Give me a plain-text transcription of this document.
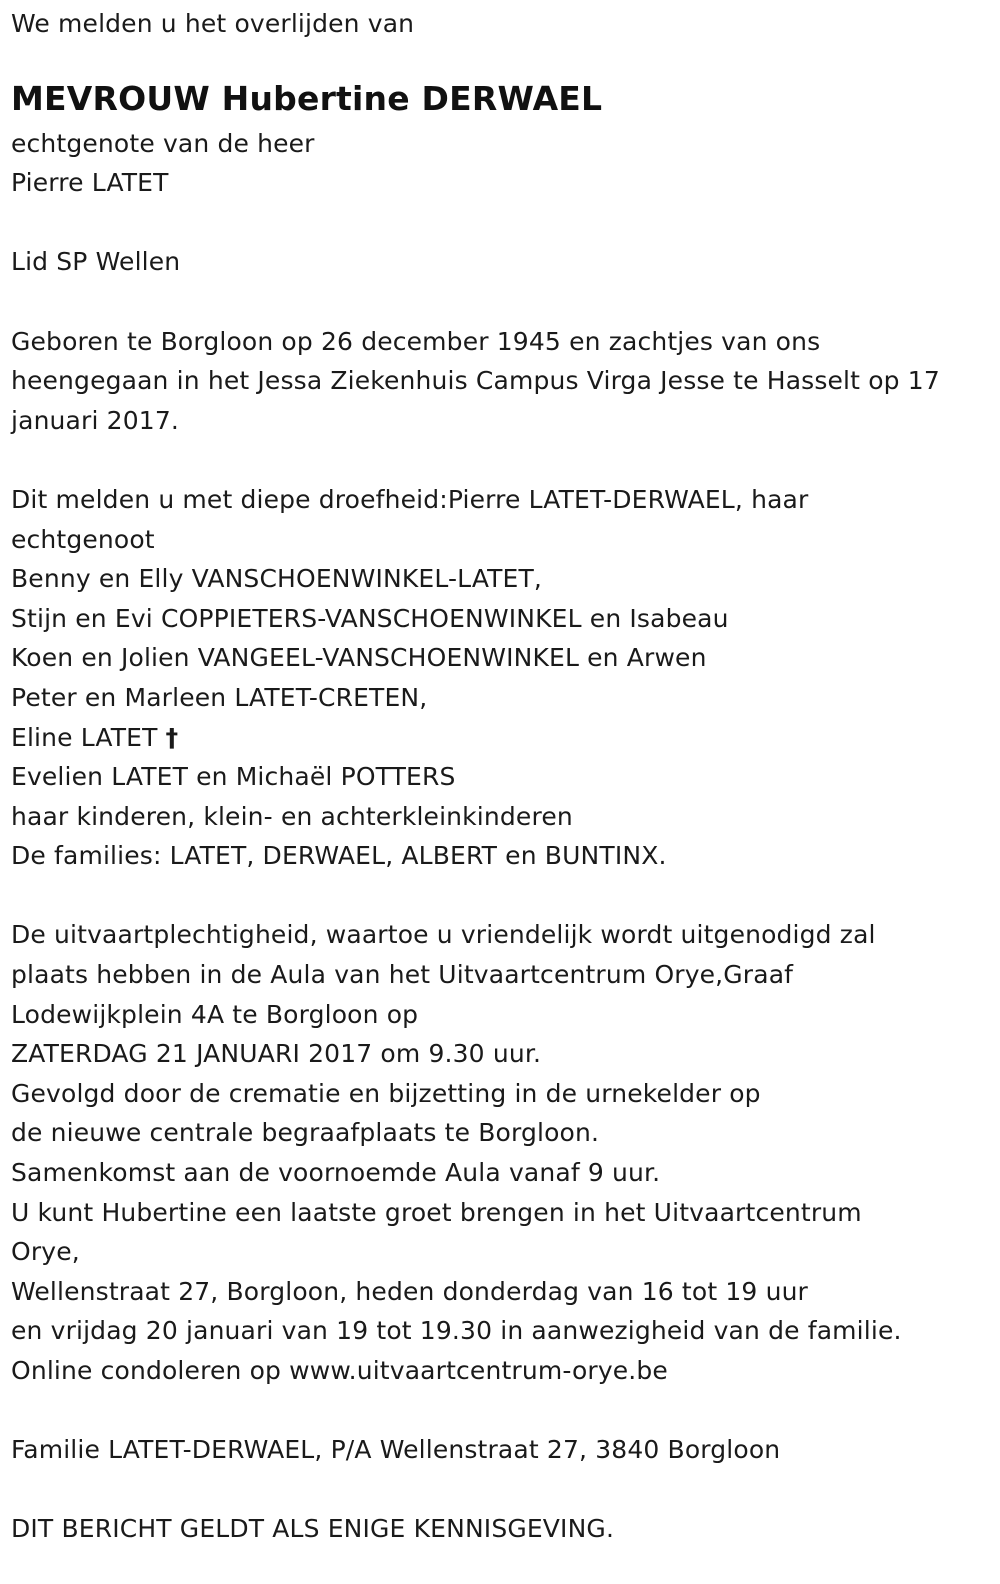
We melden u het overlijden van
MEVROUW Hubertine DERWAEL
echtgenote van de heer
Pierre LATET
Lid SP Wellen
Geboren te Borgloon op 26 december 1945 en zachtjes van ons
heengegaan in het Jessa Ziekenhuis Campus Virga Jesse te Hasselt op 17
januari 2017.
Dit melden u met diepe droefheid:Pierre LATET-DERWAEL, haar
echtgenoot
Benny en Elly VANSCHOENWINKEL-LATET,
Stijn en Evi COPPIETERS-VANSCHOENWINKEL en Isabeau
Koen en Jolien VANGEEL-VANSCHOENWINKEL en Arwen
Peter en Marleen LATET-CRETEN,
Eline LATET †
Evelien LATET en Michaël POTTERS
haar kinderen, klein- en achterkleinkinderen
De families: LATET, DERWAEL, ALBERT en BUNTINX.
De uitvaartplechtigheid, waartoe u vriendelijk wordt uitgenodigd zal
plaats hebben in de Aula van het Uitvaartcentrum Orye,Graaf
Lodewijkplein 4A te Borgloon op
ZATERDAG 21 JANUARI 2017 om 9.30 uur.
Gevolgd door de crematie en bijzetting in de urnekelder op
de nieuwe centrale begraafplaats te Borgloon.
Samenkomst aan de voornoemde Aula vanaf 9 uur.
U kunt Hubertine een laatste groet brengen in het Uitvaartcentrum
Orye,
Wellenstraat 27, Borgloon, heden donderdag van 16 tot 19 uur
en vrijdag 20 januari van 19 tot 19.30 in aanwezigheid van de familie.
Online condoleren op www.uitvaartcentrum-orye.be
Familie LATET-DERWAEL, P/A Wellenstraat 27, 3840 Borgloon
DIT BERICHT GELDT ALS ENIGE KENNISGEVING.
